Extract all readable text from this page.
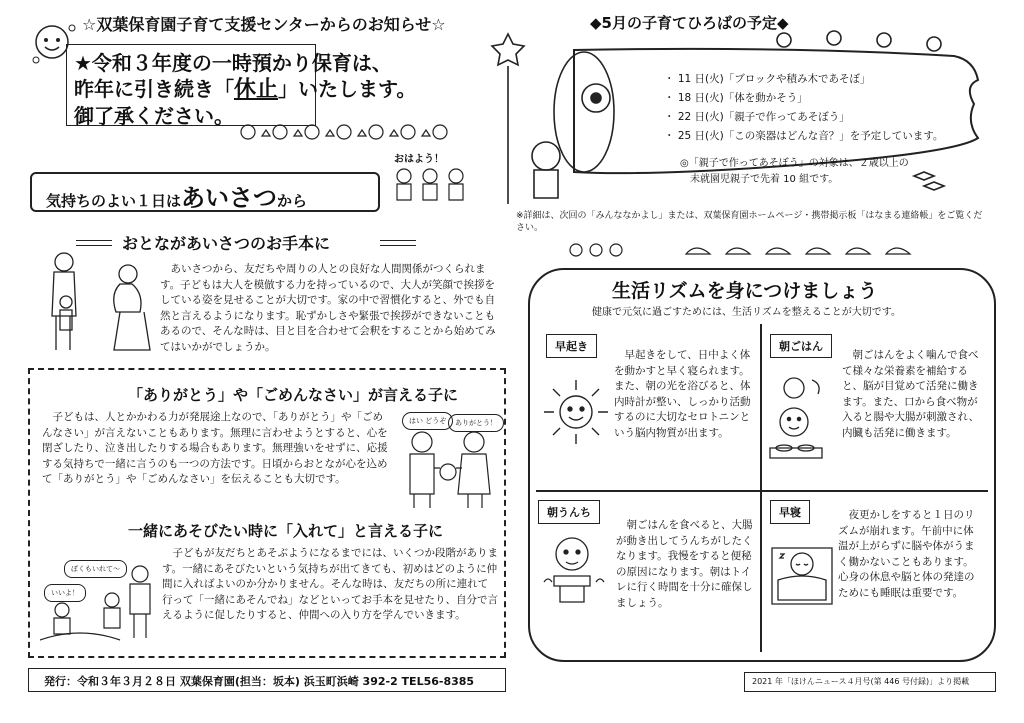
☆双葉保育園子育て支援センターからのお知らせ☆
★令和３年度の一時預かり保育は、
昨年に引き続き「休止」いたします。
御了承ください。
おはよう！
気持ちのよい１日はあいさつから
おとながあいさつのお手本に
あいさつから、友だちや周りの人との良好な人間関係がつくられます。子どもは大人を模倣する力を持っているので、大人が笑顔で挨拶をしている姿を見せることが大切です。家の中で習慣化すると、外でも自然と言えるようになります。恥ずかしさや緊張で挨拶ができないこともあるので、そんな時は、目と目を合わせて会釈をすることから始めてみてはいかがでしょうか。
「ありがとう」や「ごめんなさい」が言える子に
子どもは、人とかかわる力が発展途上なので、「ありがとう」や「ごめんなさい」が言えないこともあります。無理に言わせようとすると、心を閉ざしたり、泣き出したりする場合もあります。無理強いをせずに、応援する気持ちで一緒に言うのも一つの方法です。日頃からおとなが心を込めて「ありがとう」や「ごめんなさい」を伝えることも大切です。
はい どうぞ	ありがとう！
一緒にあそびたい時に「入れて」と言える子に
ぼくもいれて～
いいよ！
子どもが友だちとあそぶようになるまでには、いくつか段階があります。一緒にあそびたいという気持ちが出てきても、初めはどのように仲間に入ればよいのか分かりません。そんな時は、友だちの所に連れて行って「一緒にあそんでね」などといってお手本を見せたり、自分で言えるように促したりすると、仲間への入り方を学んでいきます。
発行：令和３年３月２８日 双葉保育園(担当：坂本) 浜玉町浜崎 392-2 TEL56-8385
◆5月の子育てひろばの予定◆
・ 11 日(火)「ブロックや積み木であそぼ」
・ 18 日(火)「体を動かそう」
・ 22 日(火)「親子で作ってあそぼう」
・ 25 日(火)「この楽器はどんな音？」を予定しています。
◎「親子で作ってあそぼう」の対象は、２歳以上の
未就園児親子で先着 10 組です。
※詳細は、次回の「みんななかよし」または、双葉保育園ホームページ・携帯掲示板「はなまる連絡帳」をご覧ください。
生活リズムを身につけましょう
健康で元気に過ごすためには、生活リズムを整えることが大切です。
早起き
早起きをして、日中よく体を動かすと早く寝られます。また、朝の光を浴びると、体内時計が整い、しっかり活動するのに大切なセロトニンという脳内物質が出ます。
朝ごはん
朝ごはんをよく噛んで食べて様々な栄養素を補給すると、脳が目覚めて活発に働きます。また、口から食べ物が入ると腸や大腸が刺激され、内臓も活発に働きます。
朝うんち
朝ごはんを食べると、大腸が動き出してうんちがしたくなります。我慢をすると便秘の原因になります。朝はトイレに行く時間を十分に確保しましょう。
早寝	夜更かしをすると１日のリズムが崩れます。午前中に体温が上がらずに脳や体がうまく働かないこともあります。心身の休息や脳と体の発達のためにも睡眠は重要です。
2021 年「ほけんニュース４月号(第 446 号付録)」より掲載
